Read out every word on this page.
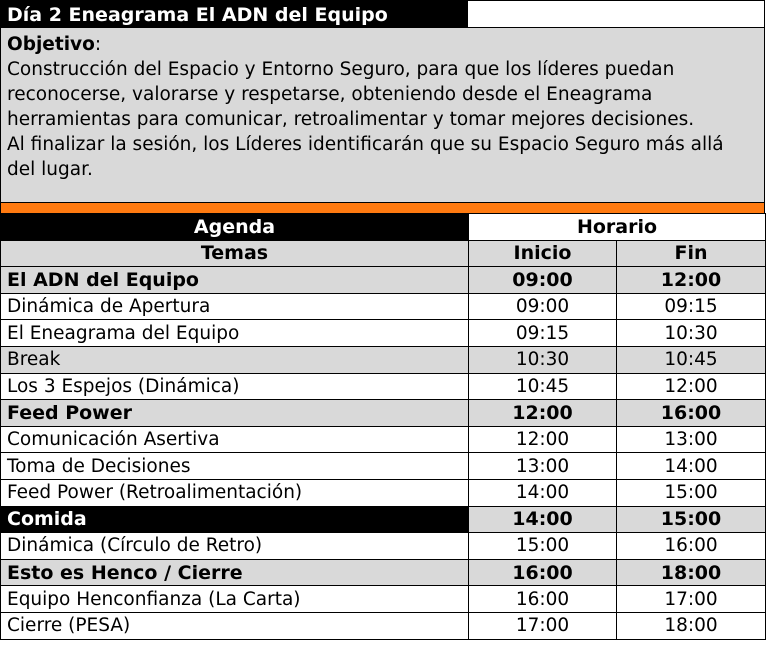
Día 2 Eneagrama El ADN del Equipo
Objetivo:
Construcción del Espacio y Entorno Seguro, para que los líderes puedan
reconocerse, valorarse y respetarse, obteniendo desde el Eneagrama
herramientas para comunicar, retroalimentar y tomar mejores decisiones.
Al finalizar la sesión, los Líderes identificarán que su Espacio Seguro más allá
del lugar.
Agenda	Horario	
Temas	Inicio	Fin
El ADN del Equipo	09:00	12:00
Dinámica de Apertura	09:00	09:15
El Eneagrama del Equipo	09:15	10:30
Break	10:30	10:45
Los 3 Espejos (Dinámica)	10:45	12:00
Feed Power	12:00	16:00
Comunicación Asertiva	12:00	13:00
Toma de Decisiones	13:00	14:00
Feed Power (Retroalimentación)	14:00	15:00
Comida	14:00	15:00
Dinámica (Círculo de Retro)	15:00	16:00
Esto es Henco / Cierre	16:00	18:00
Equipo Henconfianza (La Carta)	16:00	17:00
Cierre (PESA)	17:00	18:00
